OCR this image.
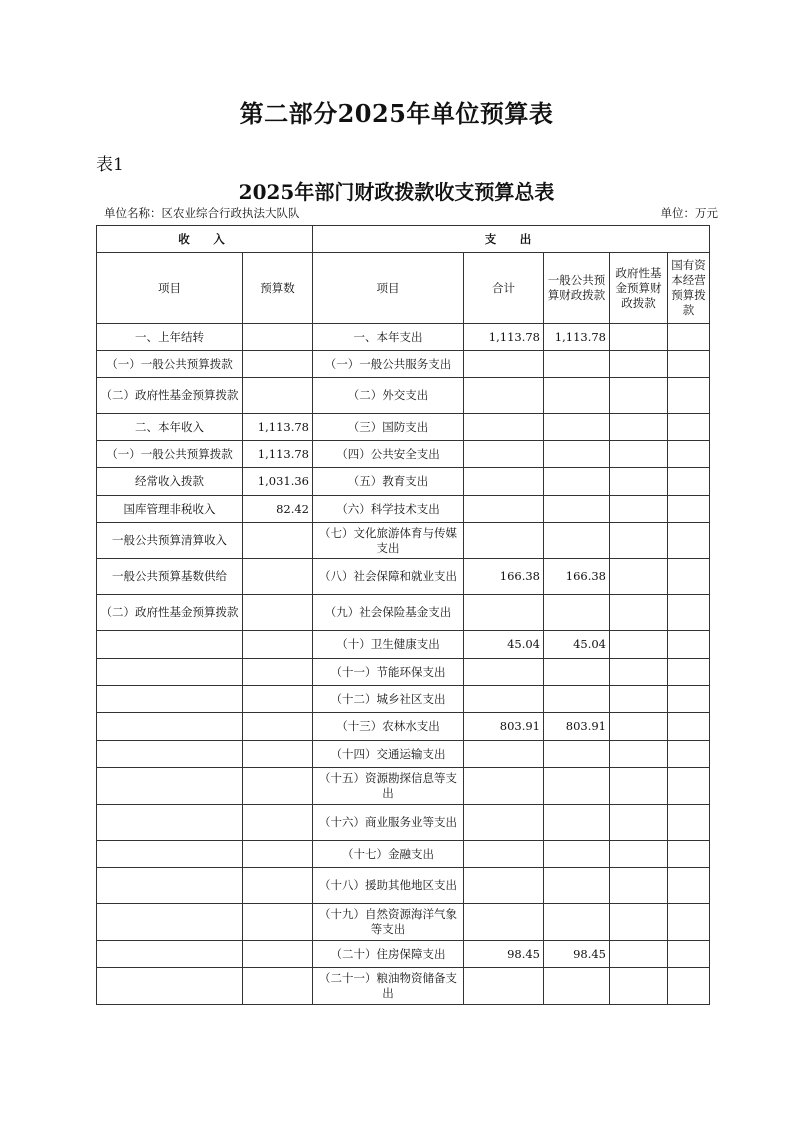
第二部分2025年单位预算表
表1
2025年部门财政拨款收支预算总表
单位名称：区农业综合行政执法大队队	单位：万元
收　入		支　出				
项目	预算数	项目	合计	一般公共预算财政拨款	政府性基金预算财政拨款	国有资本经营预算拨款
一、上年结转		一、本年支出	1,113.78	1,113.78		
（一）一般公共预算拨款		（一）一般公共服务支出				
（二）政府性基金预算拨款		（二）外交支出				
二、本年收入	1,113.78	（三）国防支出				
（一）一般公共预算拨款	1,113.78	（四）公共安全支出				
经常收入拨款	1,031.36	（五）教育支出				
国库管理非税收入	82.42	（六）科学技术支出				
一般公共预算清算收入		（七）文化旅游体育与传媒支出				
一般公共预算基数供给		（八）社会保障和就业支出	166.38	166.38		
（二）政府性基金预算拨款		（九）社会保险基金支出				
		（十）卫生健康支出	45.04	45.04		
		（十一）节能环保支出				
		（十二）城乡社区支出				
		（十三）农林水支出	803.91	803.91		
		（十四）交通运输支出				
		（十五）资源勘探信息等支出				
		（十六）商业服务业等支出				
		（十七）金融支出				
		（十八）援助其他地区支出				
		（十九）自然资源海洋气象等支出				
		（二十）住房保障支出	98.45	98.45		
		（二十一）粮油物资储备支出				
